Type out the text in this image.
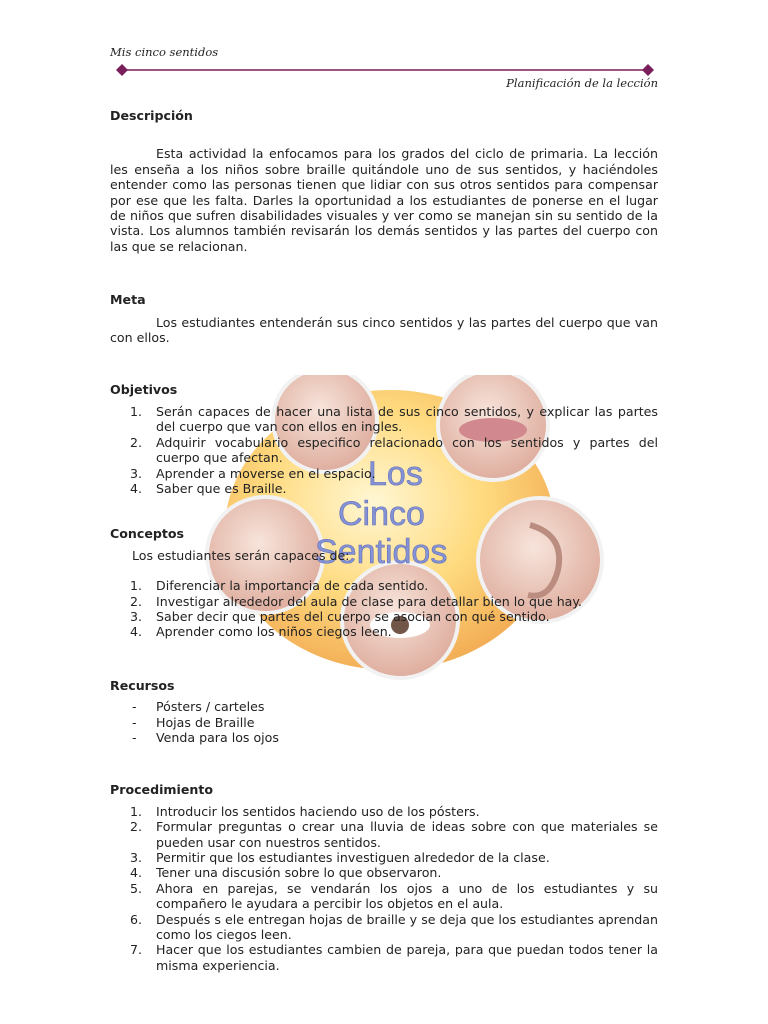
Mis cinco sentidos
Planificación de la lección
Los
Cinco
Sentidos
Descripción

Esta actividad la enfocamos para los grados del ciclo de primaria. La lección les enseña a los niños sobre braille quitándole uno de sus sentidos, y haciéndoles entender como las personas tienen que lidiar con sus otros sentidos para compensar por ese que les falta. Darles la oportunidad a los estudiantes de ponerse en el lugar de niños que sufren disabilidades visuales y ver como se manejan sin su sentido de la vista. Los alumnos también revisarán los demás sentidos y las partes del cuerpo con las que se relacionan.

Meta

Los estudiantes entenderán sus cinco sentidos y las partes del cuerpo que van con ellos.

Objetivos
1.	Serán capaces de hacer una lista de sus cinco sentidos, y explicar las partes del cuerpo que van con ellos en ingles.
2.	Adquirir vocabulario especifico relacionado con los sentidos y partes del cuerpo que afectan.
3.	Aprender a moverse en el espacio.
4.	Saber que es Braille.
Conceptos

Los estudiantes serán capaces de:

1.	Diferenciar la importancia de cada sentido.
2.	Investigar alrededor del aula de clase para detallar bien lo que hay.
3.	Saber decir que partes del cuerpo se asocian con qué sentido.
4.	Aprender como los niños ciegos leen.
Recursos
- Pósters / carteles
- Hojas de Braille
- Venda para los ojos
Procedimiento
1.	Introducir los sentidos haciendo uso de los pósters.
2.	Formular preguntas o crear una lluvia de ideas sobre con que materiales se pueden usar con nuestros sentidos.
3.	Permitir que los estudiantes investiguen alrededor de la clase.
4.	Tener una discusión sobre lo que observaron.
5.	Ahora en parejas, se vendarán los ojos a uno de los estudiantes y su compañero le ayudara a percibir los objetos en el aula.
6.	Después s ele entregan hojas de braille y se deja que los estudiantes aprendan como los ciegos leen.
7.	Hacer que los estudiantes cambien de pareja, para que puedan todos tener la misma experiencia.
